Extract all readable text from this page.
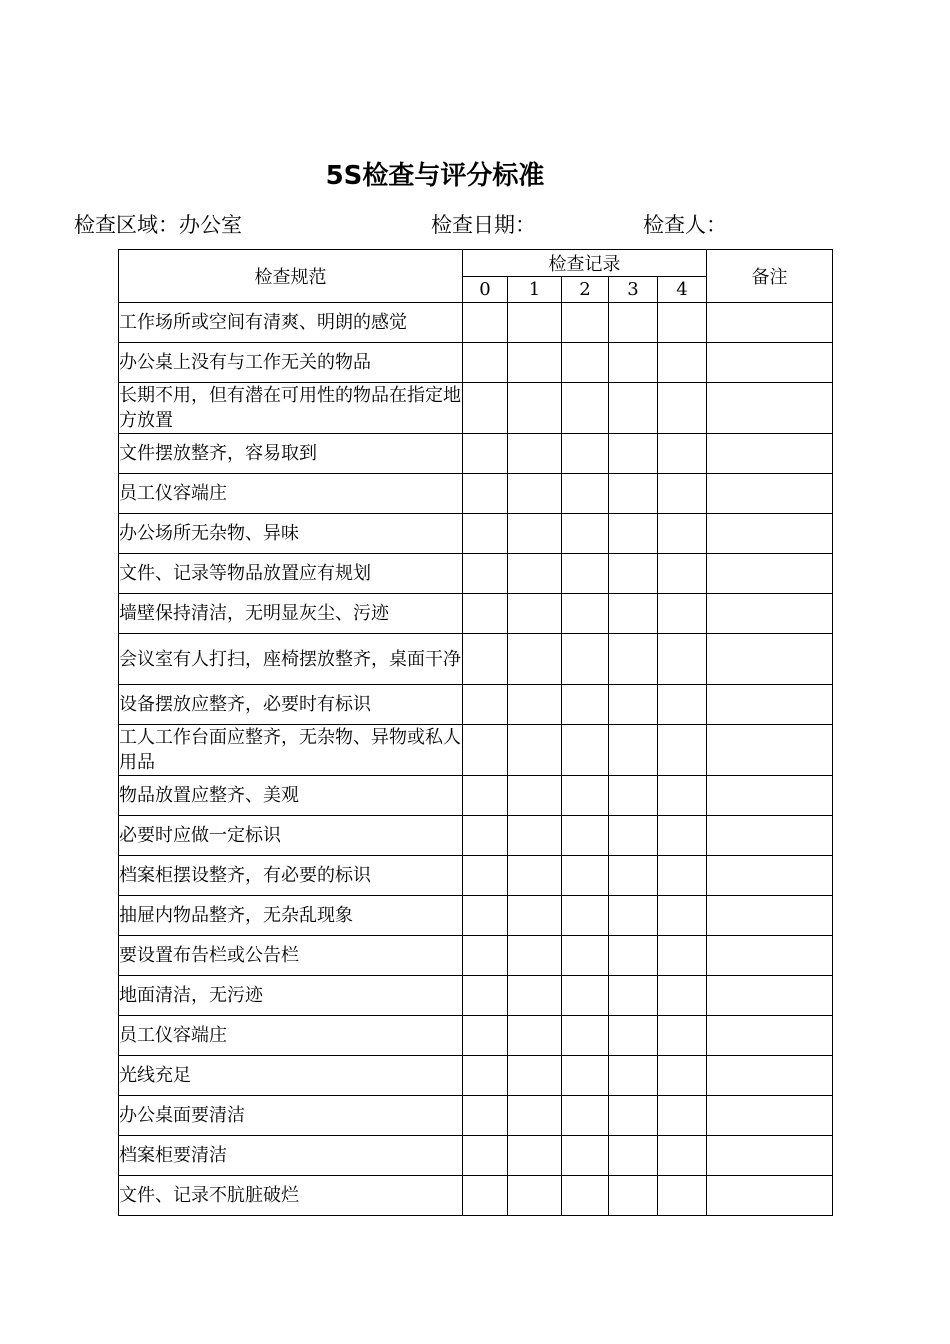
5S检查与评分标准
检查区域：办公室	检查日期：	检查人：
检查规范	检查记录					备注
	0	1	2	3	4	
工作场所或空间有清爽、明朗的感觉						
办公桌上没有与工作无关的物品						
长期不用，但有潜在可用性的物品在指定地方放置						
文件摆放整齐，容易取到						
员工仪容端庄						
办公场所无杂物、异味						
文件、记录等物品放置应有规划						
墙壁保持清洁，无明显灰尘、污迹						
会议室有人打扫，座椅摆放整齐，桌面干净						
设备摆放应整齐，必要时有标识						
工人工作台面应整齐，无杂物、异物或私人用品						
物品放置应整齐、美观						
必要时应做一定标识						
档案柜摆设整齐，有必要的标识						
抽屉内物品整齐，无杂乱现象						
要设置布告栏或公告栏						
地面清洁，无污迹						
员工仪容端庄						
光线充足						
办公桌面要清洁						
档案柜要清洁						
文件、记录不肮脏破烂						
